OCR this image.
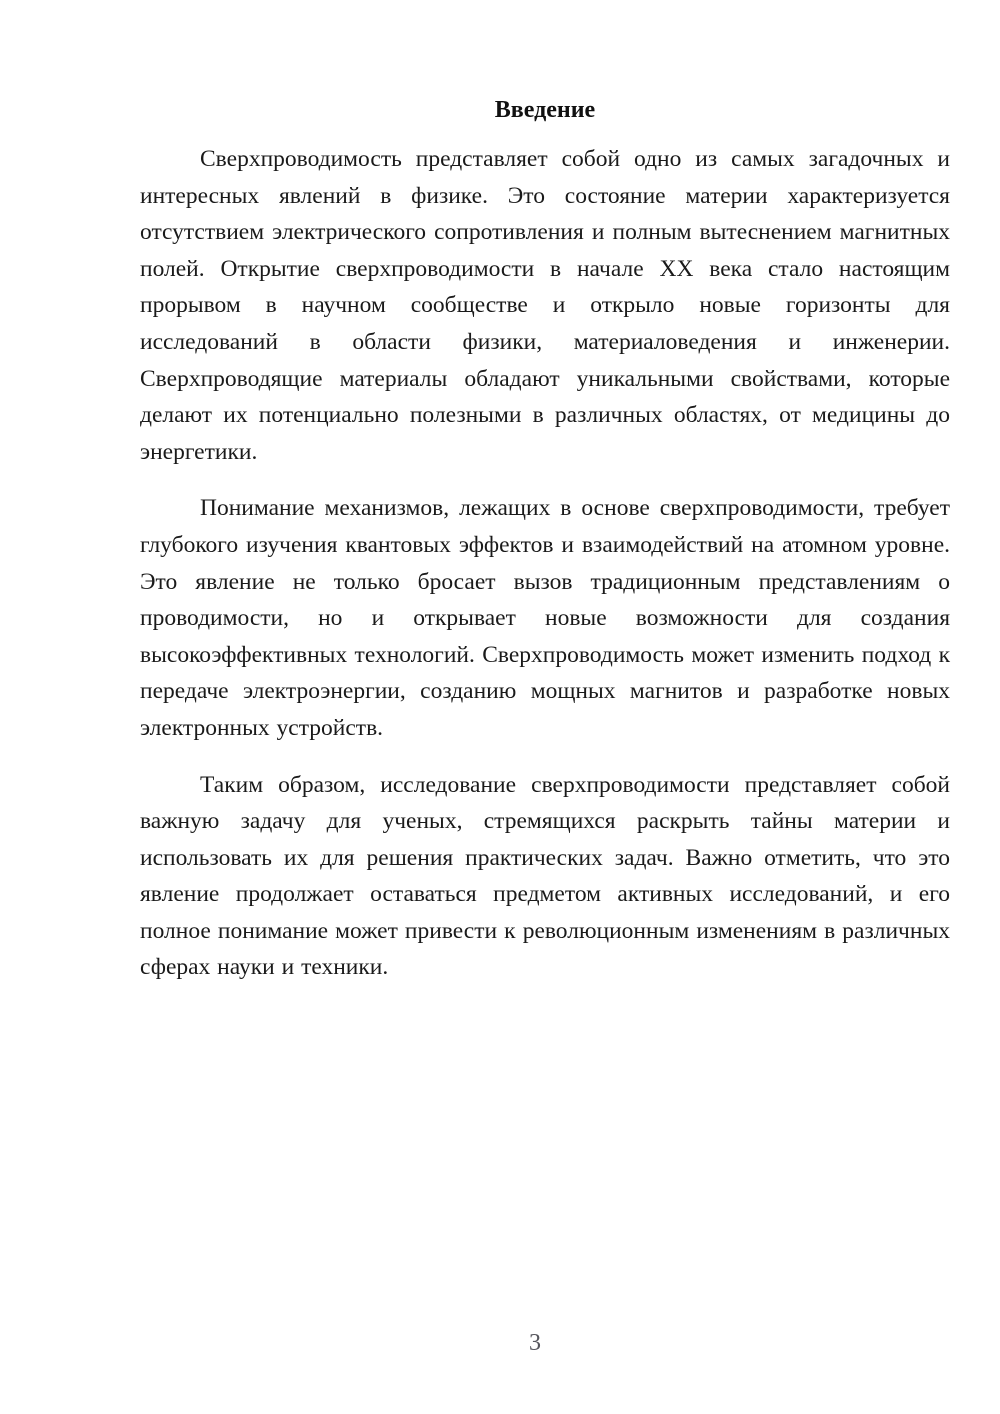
Введение

Сверхпроводимость представляет собой одно из самых загадочных и интересных явлений в физике. Это состояние материи характеризуется отсутствием электрического сопротивления и полным вытеснением магнитных полей. Открытие сверхпроводимости в начале XX века стало настоящим прорывом в научном сообществе и открыло новые горизонты для исследований в области физики, материаловедения и инженерии. Сверхпроводящие материалы обладают уникальными свойствами, которые делают их потенциально полезными в различных областях, от медицины до энергетики.

Понимание механизмов, лежащих в основе сверхпроводимости, требует глубокого изучения квантовых эффектов и взаимодействий на атомном уровне. Это явление не только бросает вызов традиционным представлениям о проводимости, но и открывает новые возможности для создания высокоэффективных технологий. Сверхпроводимость может изменить подход к передаче электроэнергии, созданию мощных магнитов и разработке новых электронных устройств.

Таким образом, исследование сверхпроводимости представляет собой важную задачу для ученых, стремящихся раскрыть тайны материи и использовать их для решения практических задач. Важно отметить, что это явление продолжает оставаться предметом активных исследований, и его полное понимание может привести к революционным изменениям в различных сферах науки и техники.

3
